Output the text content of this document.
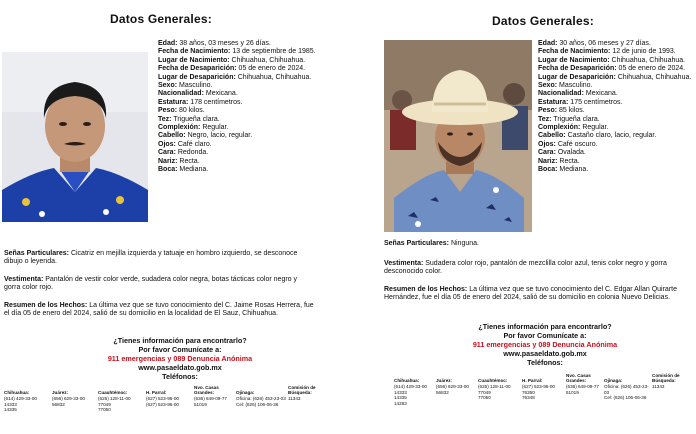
Datos Generales:
Edad: 38 años, 03 meses y 26 días.
Fecha de Nacimiento: 13 de septiembre de 1985.
Lugar de Nacimiento: Chihuahua, Chihuahua.
Fecha de Desaparición: 05 de enero de 2024.
Lugar de Desaparición: Chihuahua, Chihuahua.
Sexo: Masculino.
Nacionalidad: Mexicana.
Estatura: 178 centímetros.
Peso: 80 kilos.
Tez: Trigueña clara.
Complexión: Regular.
Cabello: Negro, lacio, regular.
Ojos: Café claro.
Cara: Redonda.
Nariz: Recta.
Boca: Mediana.
Señas Particulares: Cicatriz en mejilla izquierda y tatuaje en hombro izquierdo, se desconoce dibujo o leyenda.
Vestimenta: Pantalón de vestir color verde, sudadera color negra, botas tácticas color negro y gorra color rojo.
Resumen de los Hechos: La última vez que se tuvo conocimiento del C. Jaime Rosas Herrera, fue el día 05 de enero del 2024, salió de su domicilio en la localidad de El Sauz, Chihuahua.
¿Tienes información para encontrarlo?
Por favor Comunícate a:
911 emergencias y 089 Denuncia Anónima
www.pasaeldato.gob.mx
Teléfonos:
Chihuahua:
(614) 429-33-00
14333
14335
Juárez:
(656) 629-33-00
56832
Cuauhtémoc:
(625) 128-11-00
77049
77050
H. Parral:
(627) 523-95-00
(627) 523-95-00
Nvo. Casas Grandes:
(636) 649-09-77
51019
Ojinaga:
Oficina: (626) 453-23-03
Cel: (626) 106-06-36
Comisión de Búsqueda:
11343
Datos Generales:
Edad: 30 años, 06 meses y 27 días.
Fecha de Nacimiento: 12 de junio de 1993.
Lugar de Nacimiento: Chihuahua, Chihuahua.
Fecha de Desaparición: 05 de enero de 2024.
Lugar de Desaparición: Chihuahua, Chihuahua.
Sexo: Masculino.
Nacionalidad: Mexicana.
Estatura: 175 centímetros.
Peso: 85 kilos.
Tez: Trigueña clara.
Complexión: Regular.
Cabello: Castaño claro, lacio, regular.
Ojos: Café oscuro.
Cara: Ovalada.
Nariz: Recta.
Boca: Mediana.
Señas Particulares: Ninguna.
Vestimenta: Sudadera color rojo, pantalón de mezclilla color azul, tenis color negro y gorra desconocido color.
Resumen de los Hechos: La última vez que se tuvo conocimiento del C. Edgar Allan Quirarte Hernández, fue el día 05 de enero del 2024, salió de su domicilio en colonia Nuevo Delicias.
¿Tienes información para encontrarlo?
Por favor Comunícate a:
911 emergencias y 089 Denuncia Anónima
www.pasaeldato.gob.mx
Teléfonos:
Chihuahua:
(614) 429-33-00
14333
14335
14283
Juárez:
(656) 629-33-00
56832
Cuauhtémoc:
(625) 128-11-00
77049
77050
H. Parral:
(627) 523-95-00
76350
76348
Nvo. Casas Grandes:
(636) 649-09-77
51019
Ojinaga:
Oficina: (626) 453-23-03
Cel: (626) 106-06-36
Comisión de Búsqueda:
11343
